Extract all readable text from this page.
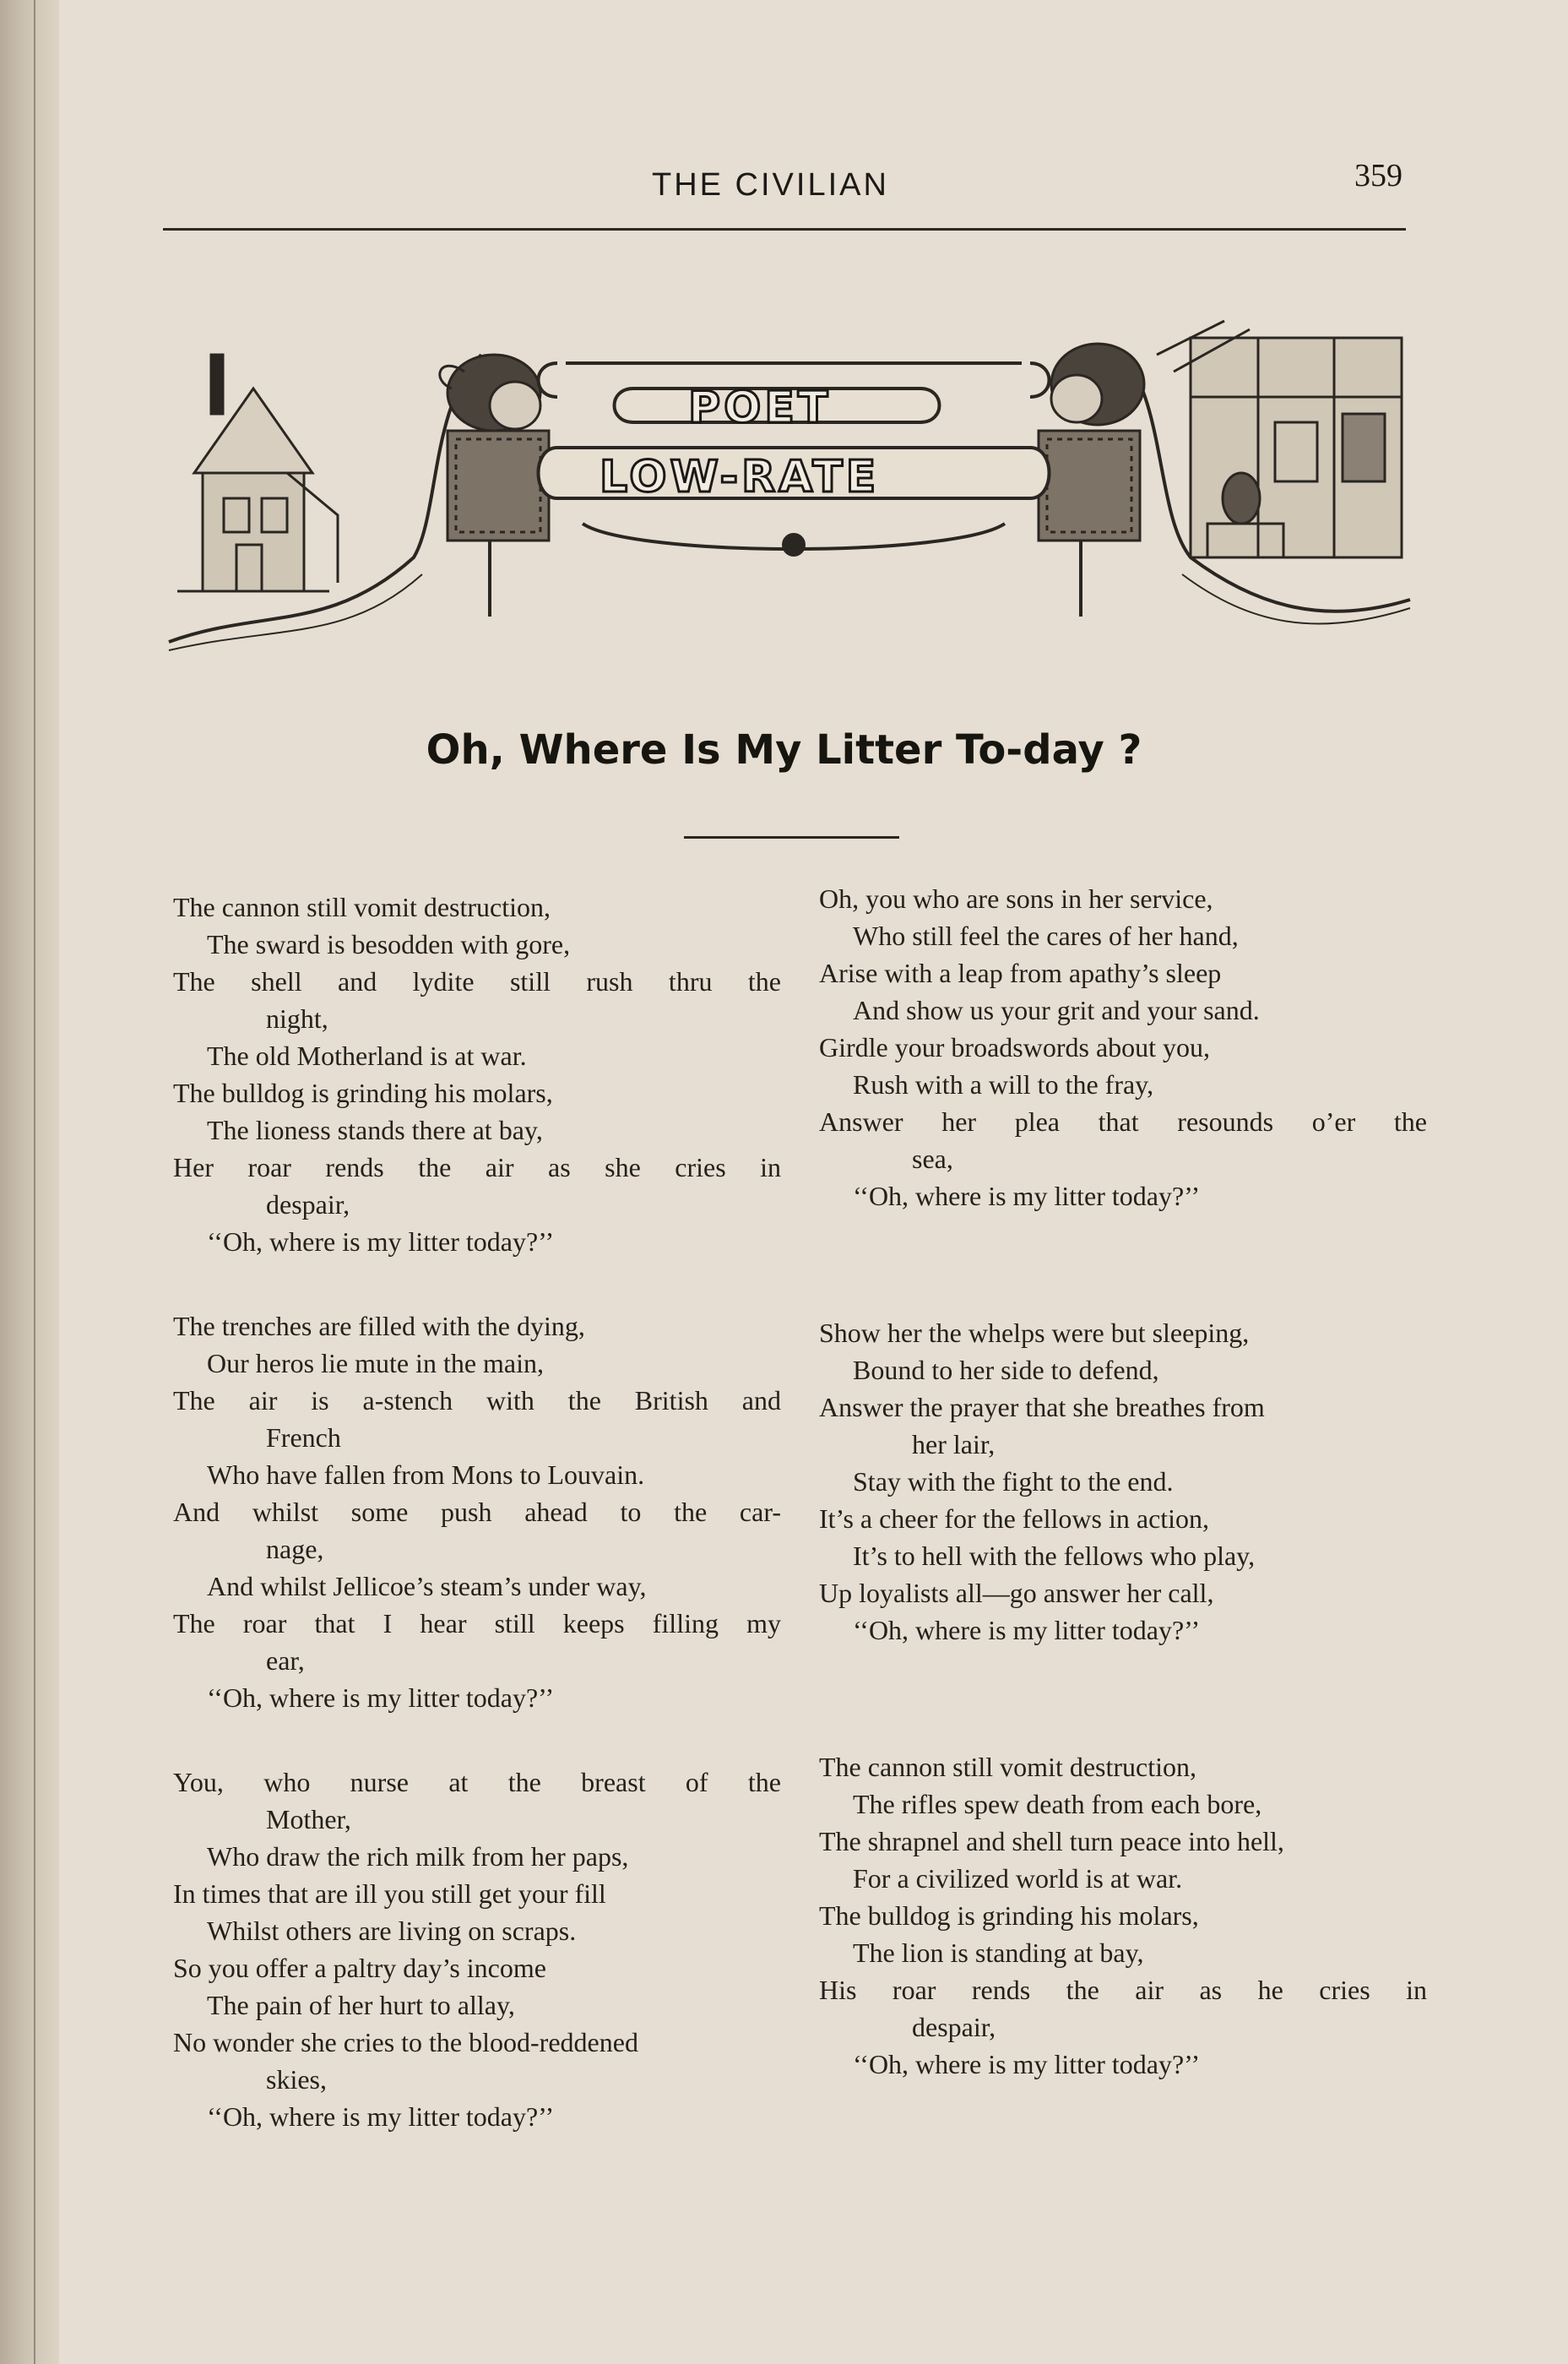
THE CIVILIAN	359
POET
LOW-RATE
Oh, Where Is My Litter To-day ?
The cannon still vomit destruction,
The sward is besodden with gore,
The shell and lydite still rush thru the
night,
The old Motherland is at war.
The bulldog is grinding his molars,
The lioness stands there at bay,
Her roar rends the air as she cries in
despair,
‘‘Oh, where is my litter today?’’
The trenches are filled with the dying,
Our heros lie mute in the main,
The air is a-stench with the British and
French
Who have fallen from Mons to Louvain.
And whilst some push ahead to the car-
nage,
And whilst Jellicoe’s steam’s under way,
The roar that I hear still keeps filling my
ear,
‘‘Oh, where is my litter today?’’
You, who nurse at the breast of the
Mother,
Who draw the rich milk from her paps,
In times that are ill you still get your fill
Whilst others are living on scraps.
So you offer a paltry day’s income
The pain of her hurt to allay,
No wonder she cries to the blood-reddened
skies,
‘‘Oh, where is my litter today?’’
Oh, you who are sons in her service,
Who still feel the cares of her hand,
Arise with a leap from apathy’s sleep
And show us your grit and your sand.
Girdle your broadswords about you,
Rush with a will to the fray,
Answer her plea that resounds o’er the
sea,
‘‘Oh, where is my litter today?’’
Show her the whelps were but sleeping,
Bound to her side to defend,
Answer the prayer that she breathes from
her lair,
Stay with the fight to the end.
It’s a cheer for the fellows in action,
It’s to hell with the fellows who play,
Up loyalists all—go answer her call,
‘‘Oh, where is my litter today?’’
The cannon still vomit destruction,
The rifles spew death from each bore,
The shrapnel and shell turn peace into hell,
For a civilized world is at war.
The bulldog is grinding his molars,
The lion is standing at bay,
His roar rends the air as he cries in
despair,
‘‘Oh, where is my litter today?’’
